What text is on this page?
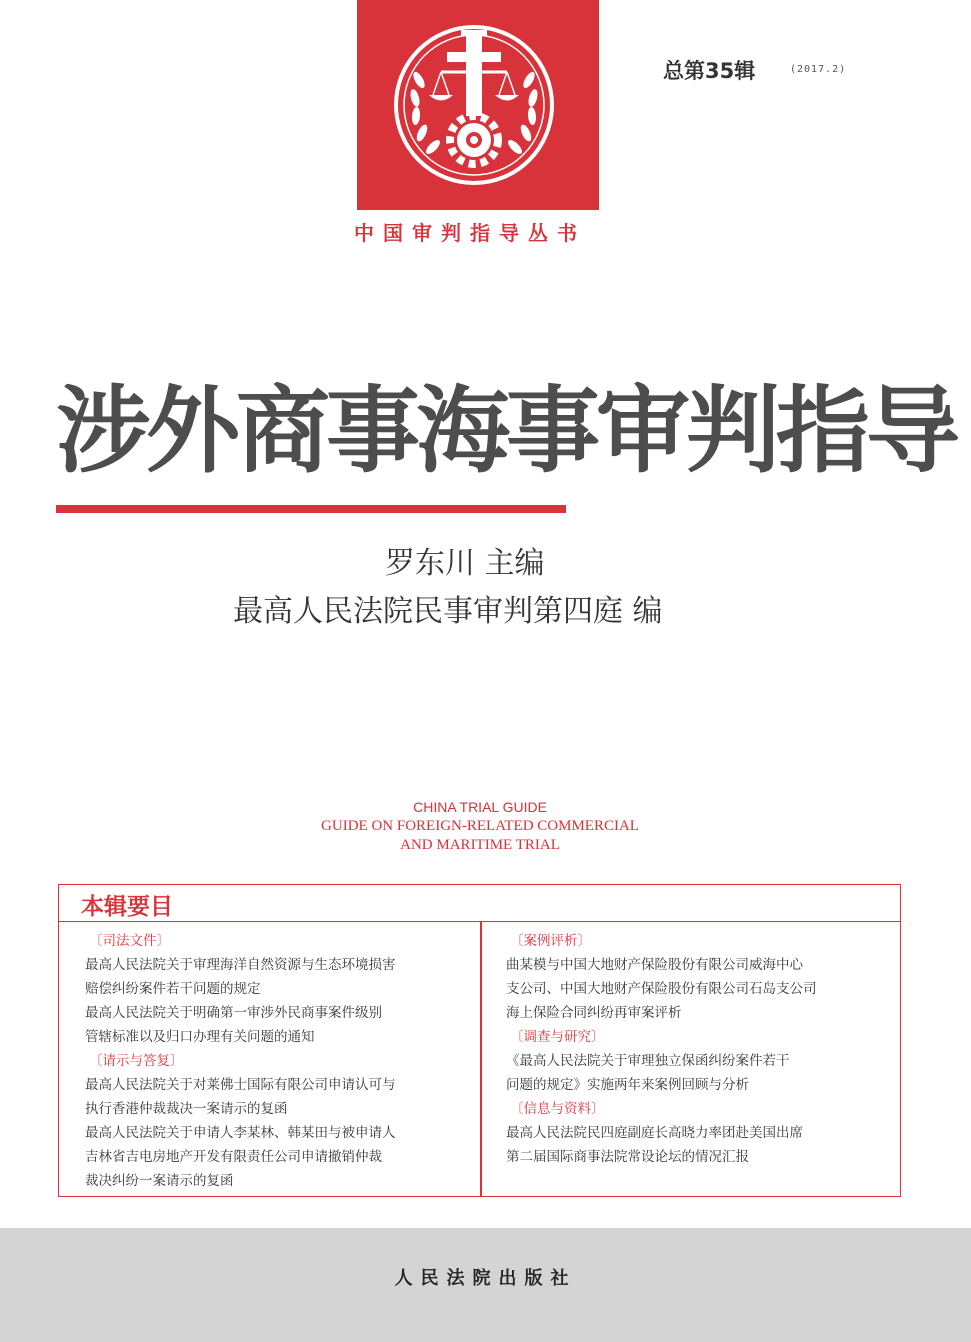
中国审判指导丛书
总第35辑	(2017.2)
涉外商事海事审判指导
罗东川 主编
最高人民法院民事审判第四庭 编
CHINA TRIAL GUIDE
GUIDE ON FOREIGN-RELATED COMMERCIAL
AND MARITIME TRIAL
本辑要目
〔司法文件〕
最高人民法院关于审理海洋自然资源与生态环境损害
赔偿纠纷案件若干问题的规定
最高人民法院关于明确第一审涉外民商事案件级别
管辖标准以及归口办理有关问题的通知
〔请示与答复〕
最高人民法院关于对莱佛士国际有限公司申请认可与
执行香港仲裁裁决一案请示的复函
最高人民法院关于申请人李某林、韩某田与被申请人
吉林省吉电房地产开发有限责任公司申请撤销仲裁
裁决纠纷一案请示的复函
〔案例评析〕
曲某模与中国大地财产保险股份有限公司威海中心
支公司、中国大地财产保险股份有限公司石岛支公司
海上保险合同纠纷再审案评析
〔调查与研究〕
《最高人民法院关于审理独立保函纠纷案件若干
问题的规定》实施两年来案例回顾与分析
〔信息与资料〕
最高人民法院民四庭副庭长高晓力率团赴美国出席
第二届国际商事法院常设论坛的情况汇报
人民法院出版社
